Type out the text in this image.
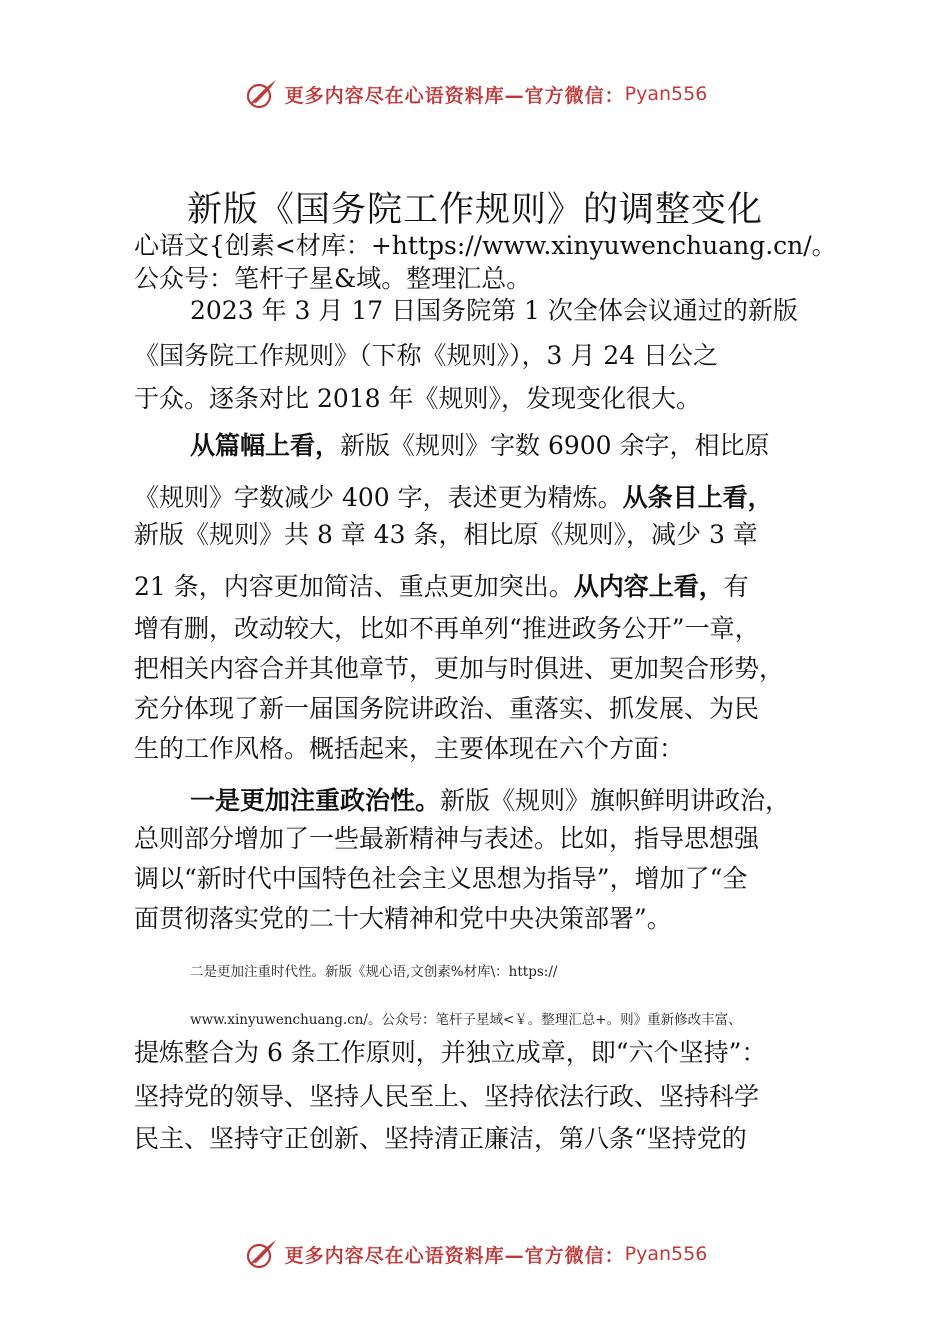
更多内容尽在心语资料库—官方微信： Pyan556
新版《国务院工作规则》的调整变化
心语文{创素<材库：+https://www.xinyuwenchuang.cn/。
公众号：笔杆子星&域。整理汇总。
2023 年 3 月 17 日国务院第 1 次全体会议通过的新版
《国务院工作规则》（下称《规则》），3 月 24 日公之
于众。逐条对比 2018 年《规则》，发现变化很大。
从篇幅上看，新版《规则》字数 6900 余字，相比原
《规则》字数减少 400 字，表述更为精炼。从条目上看，
新版《规则》共 8 章 43 条，相比原《规则》，减少 3 章
21 条，内容更加简洁、重点更加突出。从内容上看，有
增有删，改动较大，比如不再单列“推进政务公开”一章，
把相关内容合并其他章节，更加与时俱进、更加契合形势，
充分体现了新一届国务院讲政治、重落实、抓发展、为民
生的工作风格。概括起来，主要体现在六个方面：
一是更加注重政治性。新版《规则》旗帜鲜明讲政治，
总则部分增加了一些最新精神与表述。比如，指导思想强
调以“新时代中国特色社会主义思想为指导”，增加了“全
面贯彻落实党的二十大精神和党中央决策部署”。
二是更加注重时代性。新版《规心语,文创素%材库\：https://
www.xinyuwenchuang.cn/。公众号：笔杆子星域<￥。整理汇总+。则》重新修改丰富、
提炼整合为 6 条工作原则，并独立成章，即“六个坚持”：
坚持党的领导、坚持人民至上、坚持依法行政、坚持科学
民主、坚持守正创新、坚持清正廉洁，第八条“坚持党的
更多内容尽在心语资料库—官方微信： Pyan556
